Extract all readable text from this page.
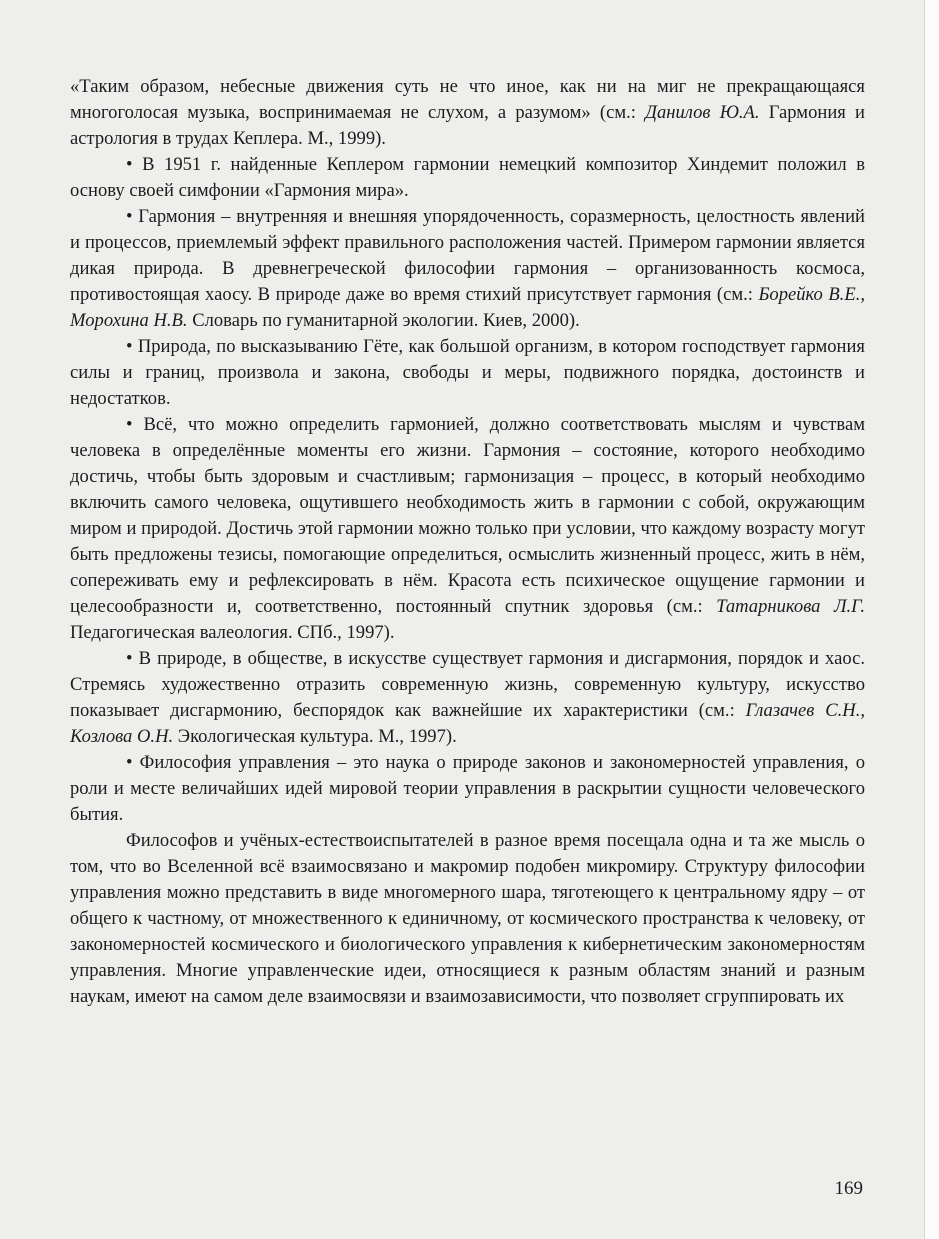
«Таким образом, небесные движения суть не что иное, как ни на миг не прекращающаяся многоголосая музыка, воспринимаемая не слухом, а разумом» (см.: Данилов Ю.А. Гармония и астрология в трудах Кеплера. М., 1999).

• В 1951 г. найденные Кеплером гармонии немецкий композитор Хиндемит положил в основу своей симфонии «Гармония мира».

• Гармония – внутренняя и внешняя упорядоченность, соразмерность, целостность явлений и процессов, приемлемый эффект правильного расположения частей. Примером гармонии является дикая природа. В древнегреческой философии гармония – организованность космоса, противостоящая хаосу. В природе даже во время стихий присутствует гармония (см.: Борейко В.Е., Морохина Н.В. Словарь по гуманитарной экологии. Киев, 2000).

• Природа, по высказыванию Гёте, как большой организм, в котором господствует гармония силы и границ, произвола и закона, свободы и меры, подвижного порядка, достоинств и недостатков.

• Всё, что можно определить гармонией, должно соответствовать мыслям и чувствам человека в определённые моменты его жизни. Гармония – состояние, которого необходимо достичь, чтобы быть здоровым и счастливым; гармонизация – процесс, в который необходимо включить самого человека, ощутившего необходимость жить в гармонии с собой, окружающим миром и природой. Достичь этой гармонии можно только при условии, что каждому возрасту могут быть предложены тезисы, помогающие определиться, осмыслить жизненный процесс, жить в нём, сопереживать ему и рефлексировать в нём. Красота есть психическое ощущение гармонии и целесообразности и, соответственно, постоянный спутник здоровья (см.: Татарникова Л.Г. Педагогическая валеология. СПб., 1997).

• В природе, в обществе, в искусстве существует гармония и дисгармония, порядок и хаос. Стремясь художественно отразить современную жизнь, современную культуру, искусство показывает дисгармонию, беспорядок как важнейшие их характеристики (см.: Глазачев С.Н., Козлова О.Н. Экологическая культура. М., 1997).

• Философия управления – это наука о природе законов и закономерностей управления, о роли и месте величайших идей мировой теории управления в раскрытии сущности человеческого бытия.

Философов и учёных-естествоиспытателей в разное время посещала одна и та же мысль о том, что во Вселенной всё взаимосвязано и макромир подобен микромиру. Структуру философии управления можно представить в виде многомерного шара, тяготеющего к центральному ядру – от общего к частному, от множественного к единичному, от космического пространства к человеку, от закономерностей космического и биологического управления к кибернетическим закономерностям управления. Многие управленческие идеи, относящиеся к разным областям знаний и разным наукам, имеют на самом деле взаимосвязи и взаимозависимости, что позволяет сгруппировать их

169
